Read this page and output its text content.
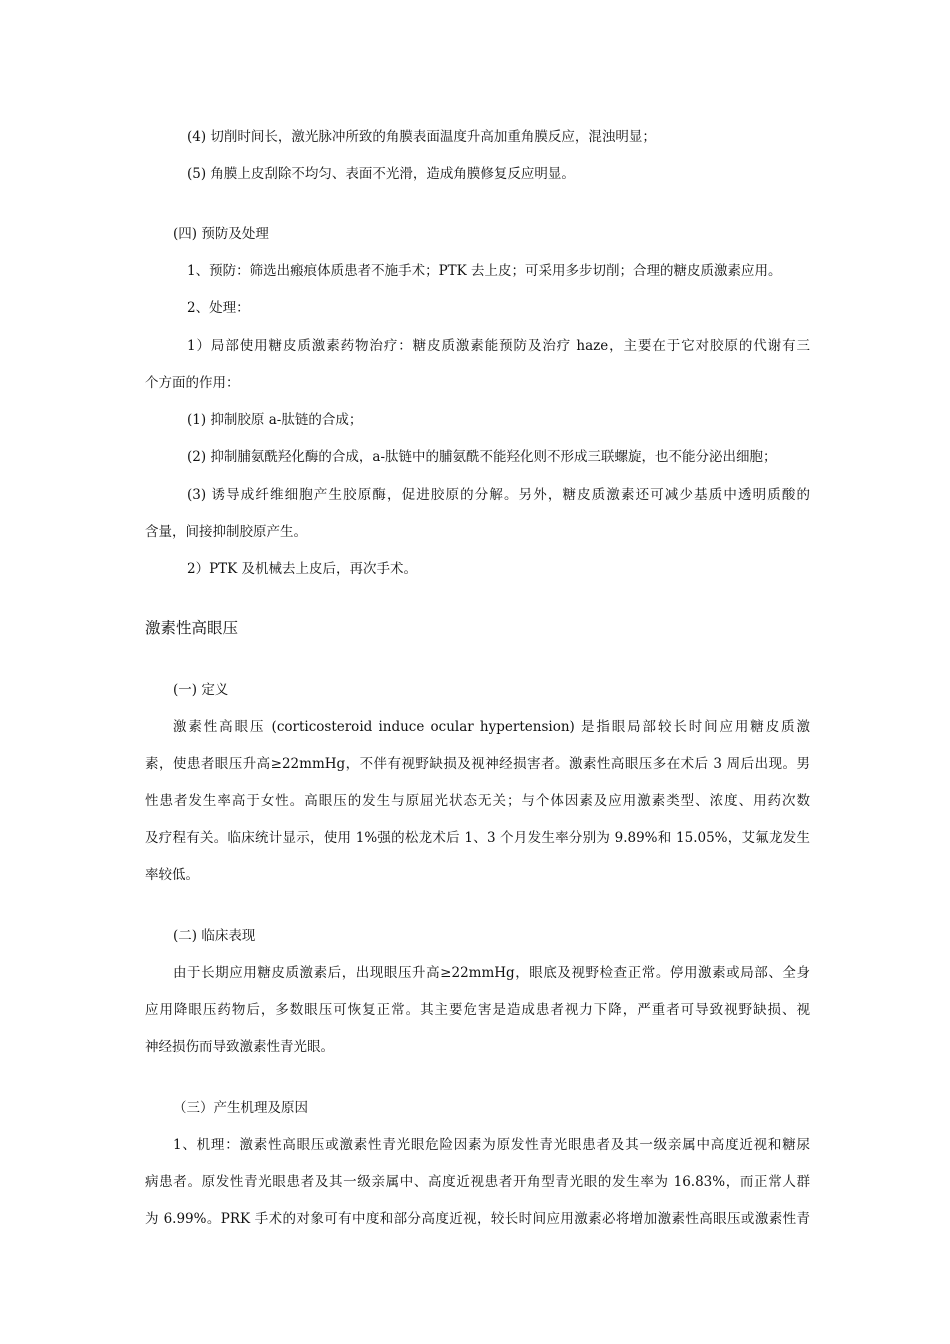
(4) 切削时间长，激光脉冲所致的角膜表面温度升高加重角膜反应，混浊明显；
(5) 角膜上皮刮除不均匀、表面不光滑，造成角膜修复反应明显。
(四) 预防及处理
1、预防：筛选出瘢痕体质患者不施手术；PTK 去上皮；可采用多步切削；合理的糖皮质激素应用。
2、处理：
1）局部使用糖皮质激素药物治疗：糖皮质激素能预防及治疗 haze，主要在于它对胶原的代谢有三
个方面的作用：
(1) 抑制胶原 a-肽链的合成；
(2) 抑制脯氨酰羟化酶的合成，a-肽链中的脯氨酰不能羟化则不形成三联螺旋，也不能分泌出细胞；
(3) 诱导成纤维细胞产生胶原酶，促进胶原的分解。另外，糖皮质激素还可减少基质中透明质酸的
含量，间接抑制胶原产生。
2）PTK 及机械去上皮后，再次手术。
激素性高眼压
(一) 定义
激素性高眼压 (corticosteroid induce ocular hypertension) 是指眼局部较长时间应用糖皮质激
素，使患者眼压升高≥22mmHg，不伴有视野缺损及视神经损害者。激素性高眼压多在术后 3 周后出现。男
性患者发生率高于女性。高眼压的发生与原屈光状态无关；与个体因素及应用激素类型、浓度、用药次数
及疗程有关。临床统计显示，使用 1%强的松龙术后 1、3 个月发生率分别为 9.89%和 15.05%，艾氟龙发生
率较低。
(二) 临床表现
由于长期应用糖皮质激素后，出现眼压升高≥22mmHg，眼底及视野检查正常。停用激素或局部、全身
应用降眼压药物后，多数眼压可恢复正常。其主要危害是造成患者视力下降，严重者可导致视野缺损、视
神经损伤而导致激素性青光眼。
（三）产生机理及原因
1、机理：激素性高眼压或激素性青光眼危险因素为原发性青光眼患者及其一级亲属中高度近视和糖尿
病患者。原发性青光眼患者及其一级亲属中、高度近视患者开角型青光眼的发生率为 16.83%，而正常人群
为 6.99%。PRK 手术的对象可有中度和部分高度近视，较长时间应用激素必将增加激素性高眼压或激素性青
